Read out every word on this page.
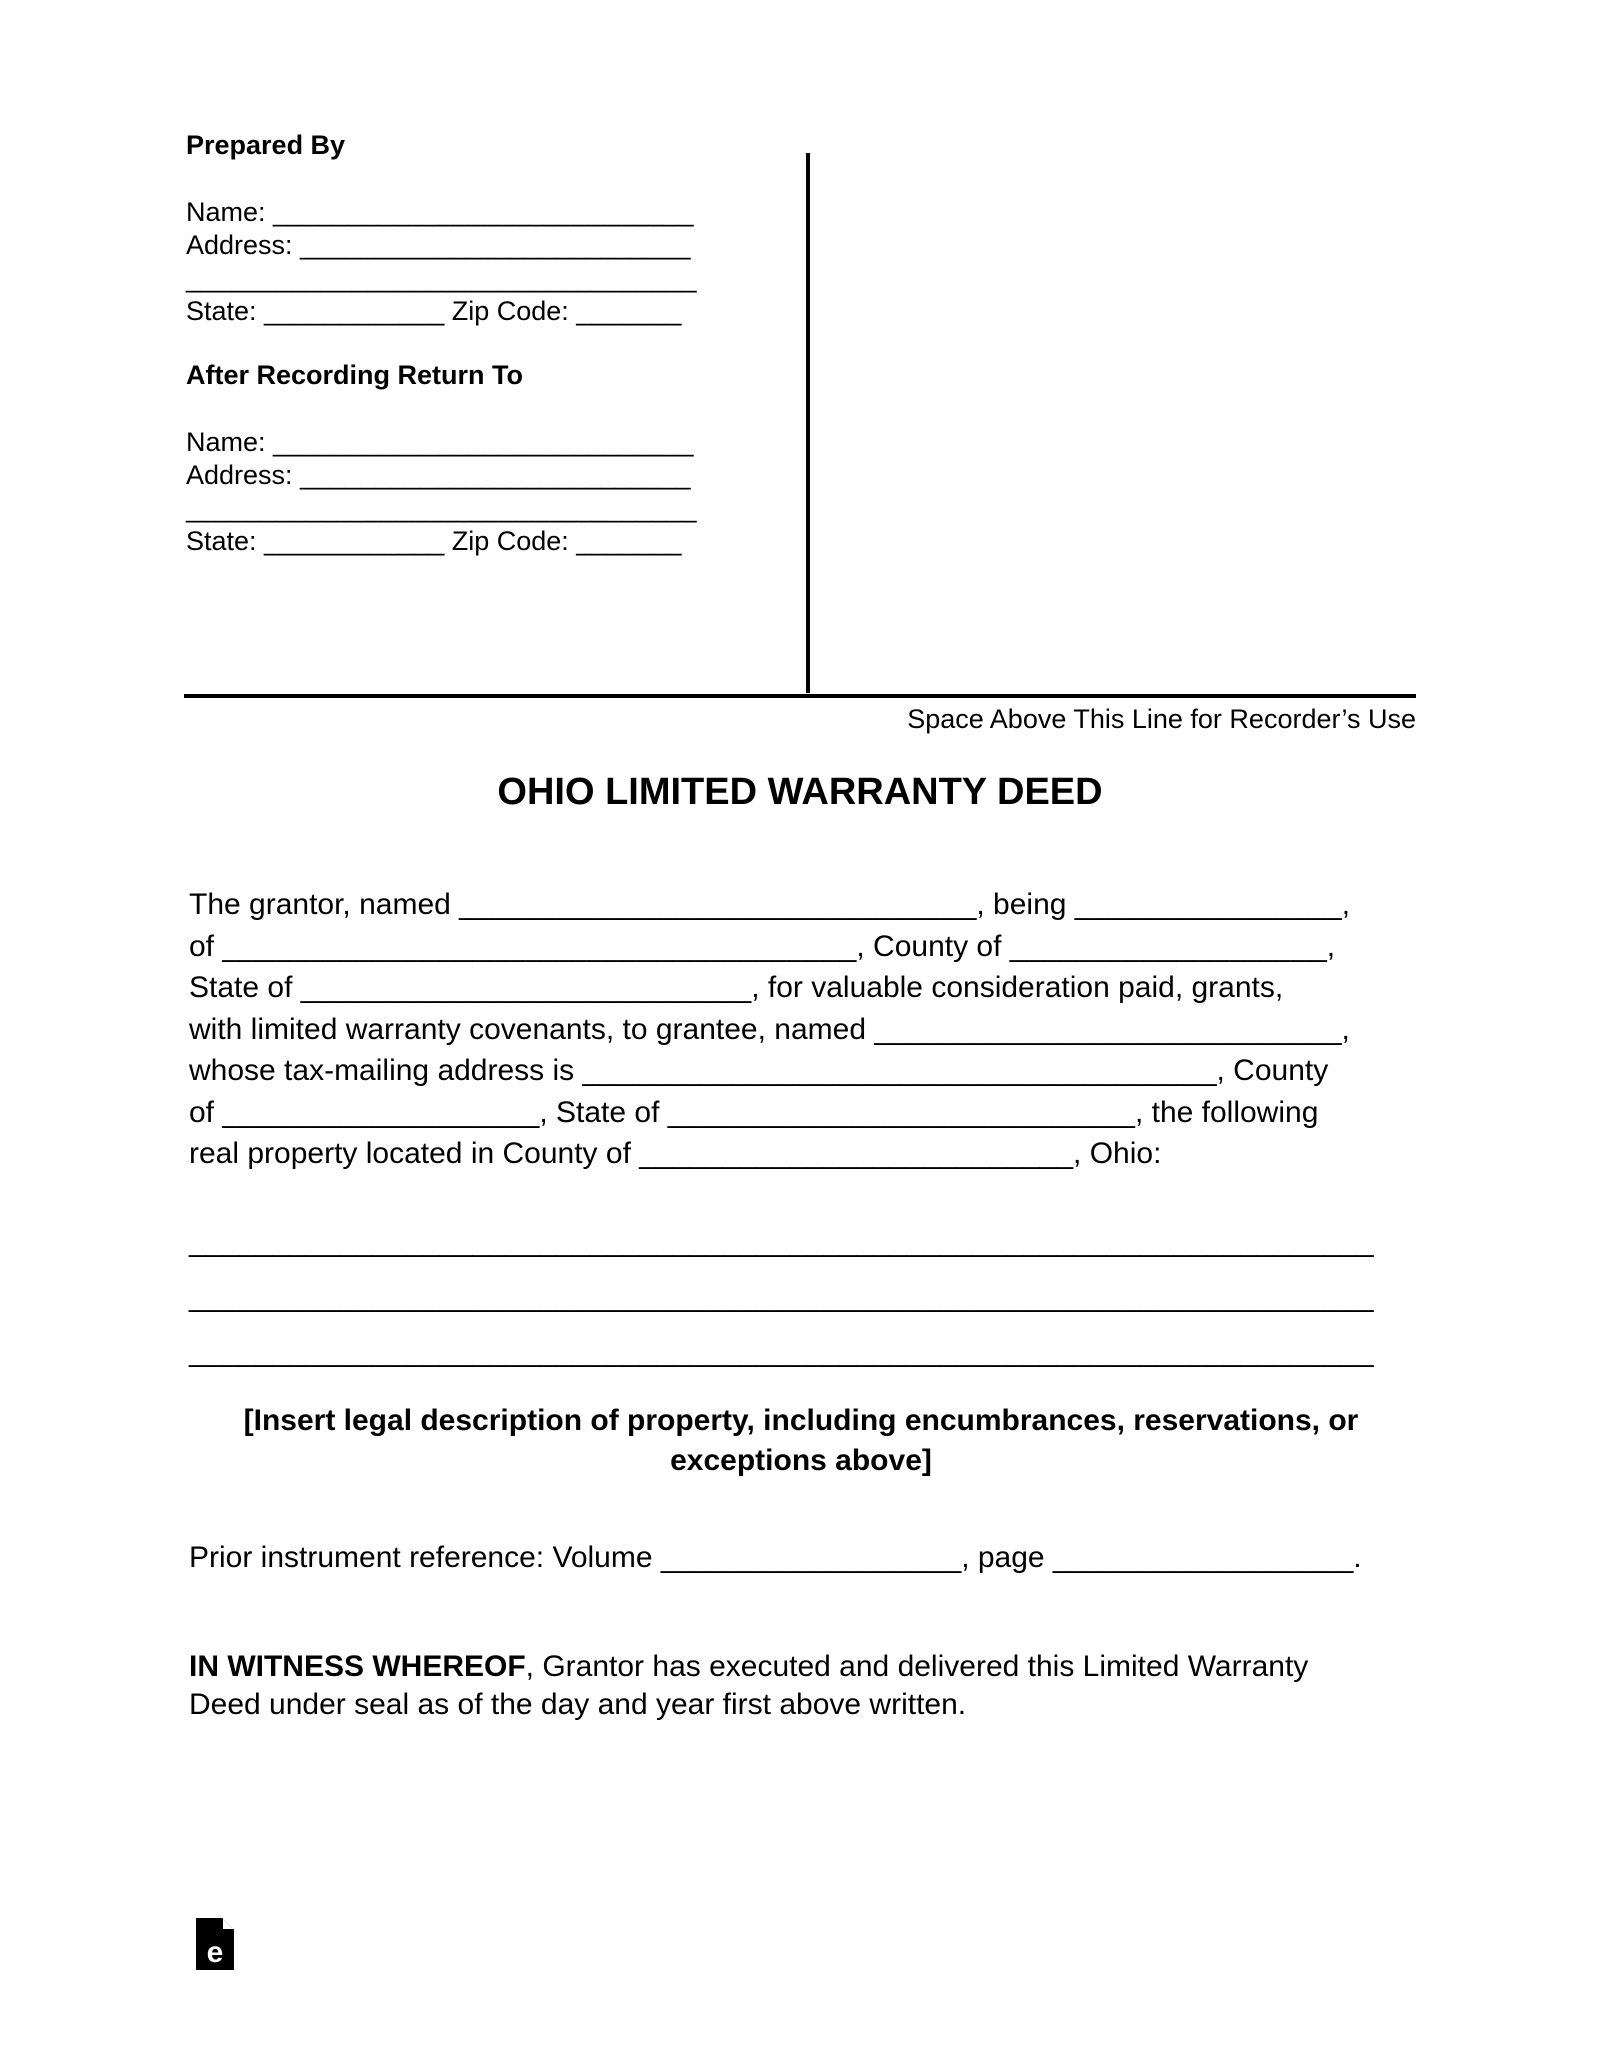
Prepared By
Name: ____________________________
Address: __________________________
__________________________________
State: ____________ Zip Code: _______
After Recording Return To
Name: ____________________________
Address: __________________________
__________________________________
State: ____________ Zip Code: _______
Space Above This Line for Recorder’s Use
OHIO LIMITED WARRANTY DEED
The grantor, named _______________________________, being ________________,
of ______________________________________, County of ___________________,
State of ___________________________, for valuable consideration paid, grants,
with limited warranty covenants, to grantee, named ____________________________,
whose tax-mailing address is ______________________________________, County
of ___________________, State of ____________________________, the following
real property located in County of __________________________, Ohio:
_______________________________________________________________________
_______________________________________________________________________
_______________________________________________________________________
[Insert legal description of property, including encumbrances, reservations, or
exceptions above]
Prior instrument reference: Volume __________________, page __________________.
IN WITNESS WHEREOF, Grantor has executed and delivered this Limited Warranty
Deed under seal as of the day and year first above written.
e
